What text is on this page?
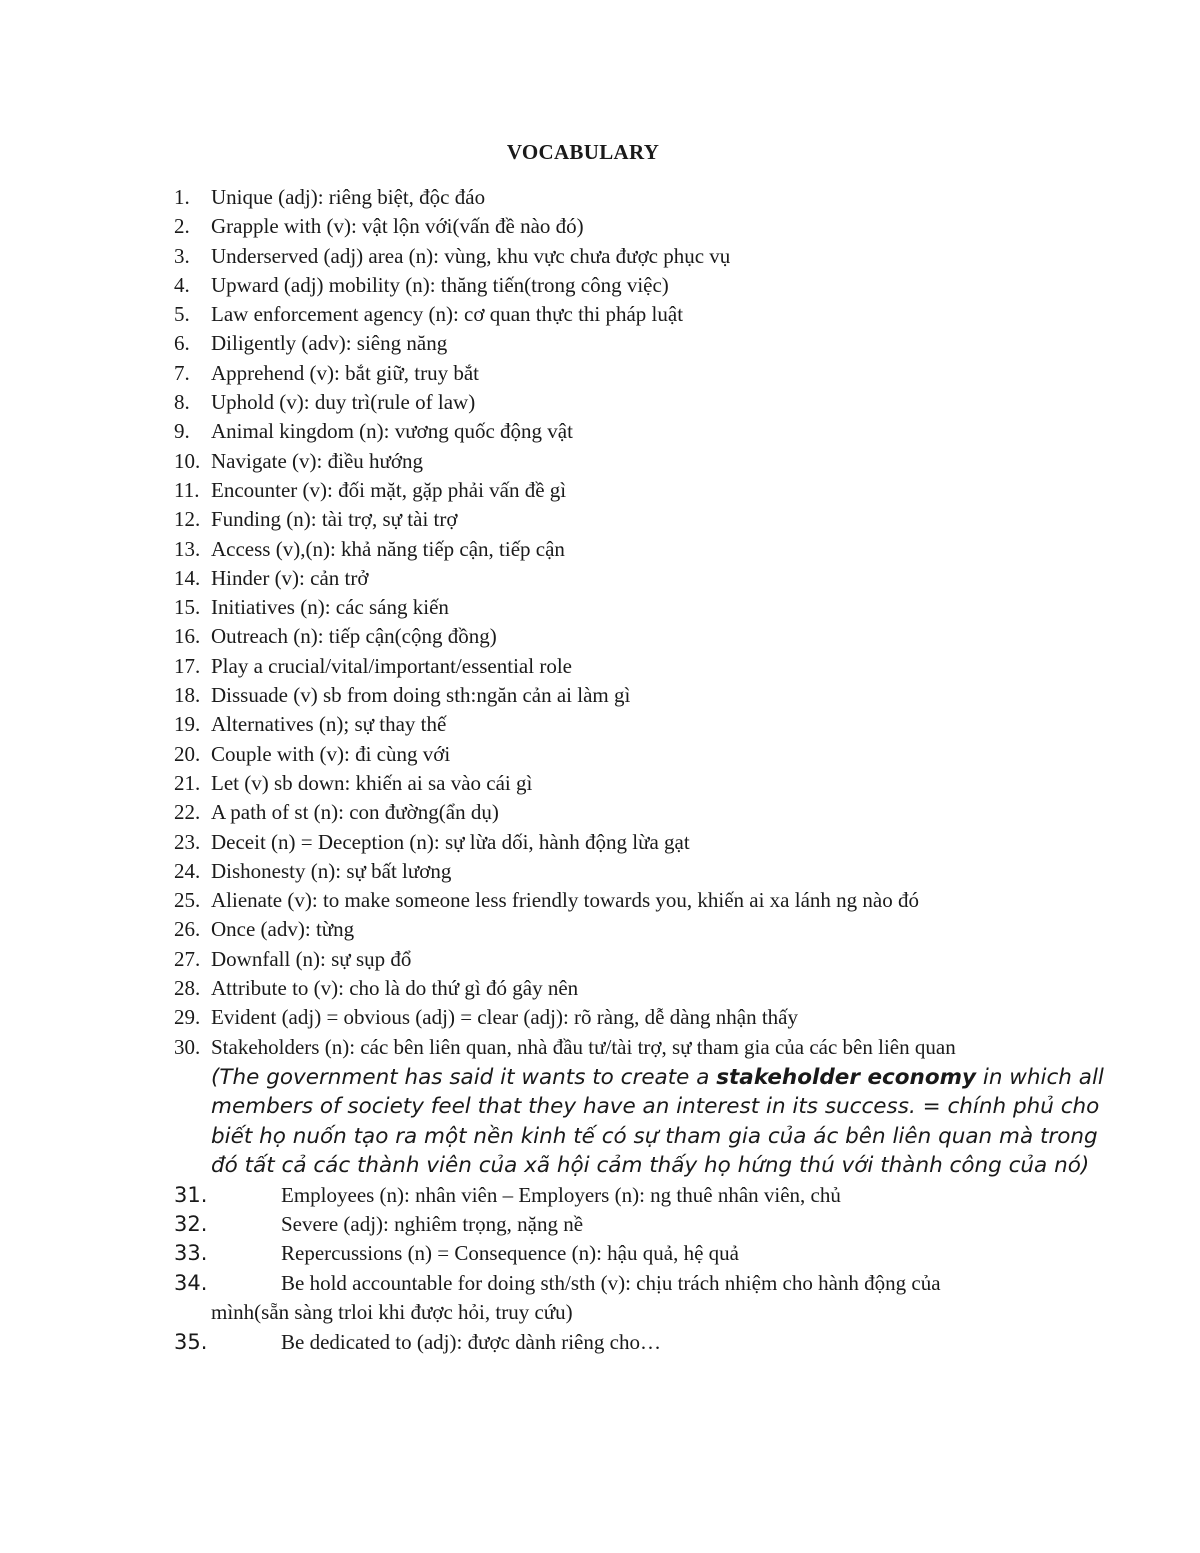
VOCABULARY
1. Unique (adj): riêng biệt, độc đáo
2. Grapple with (v): vật lộn với(vấn đề nào đó)
3. Underserved (adj) area (n): vùng, khu vực chưa được phục vụ
4. Upward (adj) mobility (n): thăng tiến(trong công việc)
5. Law enforcement agency (n): cơ quan thực thi pháp luật
6. Diligently (adv): siêng năng
7. Apprehend (v): bắt giữ, truy bắt
8. Uphold (v): duy trì(rule of law)
9. Animal kingdom (n): vương quốc động vật
10. Navigate (v): điều hướng
11. Encounter (v): đối mặt, gặp phải vấn đề gì
12. Funding (n): tài trợ, sự tài trợ
13. Access (v),(n): khả năng tiếp cận, tiếp cận
14. Hinder (v): cản trở
15. Initiatives (n): các sáng kiến
16. Outreach (n): tiếp cận(cộng đồng)
17. Play a crucial/vital/important/essential role
18. Dissuade (v) sb from doing sth:ngăn cản ai làm gì
19. Alternatives (n); sự thay thế
20. Couple with (v): đi cùng với
21. Let (v) sb down: khiến ai sa vào cái gì
22. A path of st (n): con đường(ẩn dụ)
23. Deceit (n) = Deception (n): sự lừa dối, hành động lừa gạt
24. Dishonesty (n): sự bất lương
25. Alienate (v): to make someone less friendly towards you, khiến ai xa lánh ng nào đó
26. Once (adv): từng
27. Downfall (n): sự sụp đổ
28. Attribute to (v): cho là do thứ gì đó gây nên
29. Evident (adj) = obvious (adj) = clear (adj): rõ ràng, dễ dàng nhận thấy
30. Stakeholders (n): các bên liên quan, nhà đầu tư/tài trợ, sự tham gia của các bên liên quan
(The government has said it wants to create a stakeholder economy in which all members of society feel that they have an interest in its success. = chính phủ cho biết họ nuốn tạo ra một nền kinh tế có sự tham gia của ác bên liên quan mà trong đó tất cả các thành viên của xã hội cảm thấy họ hứng thú với thành công của nó)
31.	Employees (n): nhân viên – Employers (n): ng thuê nhân viên, chủ
32.	Severe (adj): nghiêm trọng, nặng nề
33.	Repercussions (n) = Consequence (n): hậu quả, hệ quả
34.	Be hold accountable for doing sth/sth (v): chịu trách nhiệm cho hành động của
mình(sẵn sàng trloi khi được hỏi, truy cứu)
35.	Be dedicated to (adj): được dành riêng cho…
